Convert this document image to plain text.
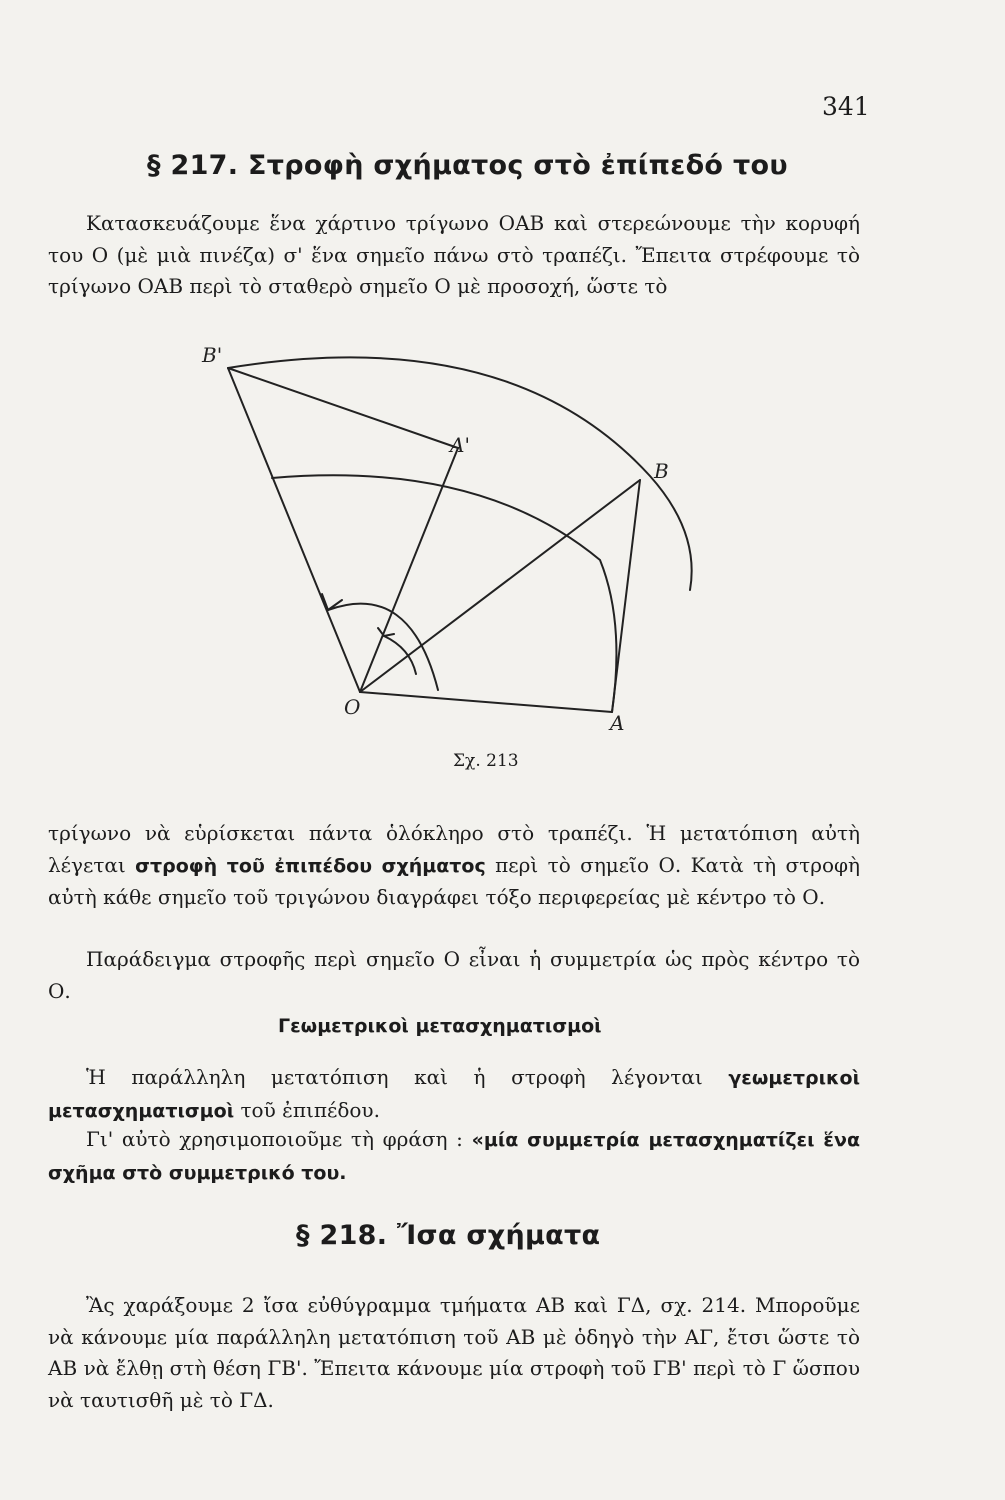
341
§ 217. Στροφὴ σχήματος στὸ ἐπίπεδό του
Κατασκευάζουμε ἕνα χάρτινο τρίγωνο ΟΑΒ καὶ στερεώνουμε τὴν κορυφή του Ο (μὲ μιὰ πινέζα) σ' ἕνα σημεῖο πάνω στὸ τραπέζι. Ἔπειτα στρέφουμε τὸ τρίγωνο ΟΑΒ περὶ τὸ σταθερὸ σημεῖο Ο μὲ προσοχή, ὥστε τὸ
B'
A'
B
O
A
Σχ. 213
τρίγωνο νὰ εὑρίσκεται πάντα ὁλόκληρο στὸ τραπέζι. Ἡ μετατόπιση αὐτὴ λέγεται στροφὴ τοῦ ἐπιπέδου σχήματος περὶ τὸ σημεῖο Ο. Κατὰ τὴ στροφὴ αὐτὴ κάθε σημεῖο τοῦ τριγώνου διαγράφει τόξο περιφερείας μὲ κέντρο τὸ Ο.
Παράδειγμα στροφῆς περὶ σημεῖο Ο εἶναι ἡ συμμετρία ὡς πρὸς κέντρο τὸ Ο.
Γεωμετρικοὶ μετασχηματισμοὶ
Ἡ παράλληλη μετατόπιση καὶ ἡ στροφὴ λέγονται γεωμετρικοὶ μετασχηματισμοὶ τοῦ ἐπιπέδου.
Γι' αὐτὸ χρησιμοποιοῦμε τὴ φράση : «μία συμμετρία μετασχηματίζει ἕνα σχῆμα στὸ συμμετρικό του.
§ 218. Ἴσα σχήματα
Ἂς χαράξουμε 2 ἴσα εὐθύγραμμα τμήματα ΑΒ καὶ ΓΔ, σχ. 214. Μποροῦμε νὰ κάνουμε μία παράλληλη μετατόπιση τοῦ ΑΒ μὲ ὁδηγὸ τὴν ΑΓ, ἔτσι ὥστε τὸ ΑΒ νὰ ἔλθῃ στὴ θέση ΓΒ'. Ἔπειτα κάνουμε μία στροφὴ τοῦ ΓΒ' περὶ τὸ Γ ὥσπου νὰ ταυτισθῆ μὲ τὸ ΓΔ.
